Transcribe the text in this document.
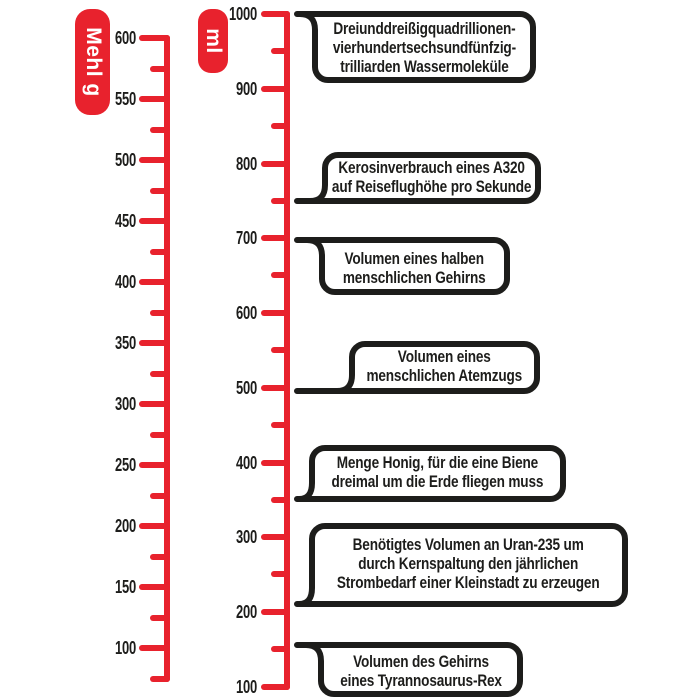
Mehl g 600
550
500
450
400
350
300
250
200
150
100
ml
1000
900
800
700
600
500
400
300
200
100
Dreiunddreißigquadrillionen-
vierhundertsechsundfünfzig-
trilliarden Wassermoleküle
Kerosinverbrauch eines A320
auf Reiseflughöhe pro Sekunde
Volumen eines halben
menschlichen Gehirns
Volumen eines
menschlichen Atemzugs
Menge Honig, für die eine Biene
dreimal um die Erde fliegen muss
Benötigtes Volumen an Uran-235 um
durch Kernspaltung den jährlichen
Strombedarf einer Kleinstadt zu erzeugen
Volumen des Gehirns
eines Tyrannosaurus-Rex
